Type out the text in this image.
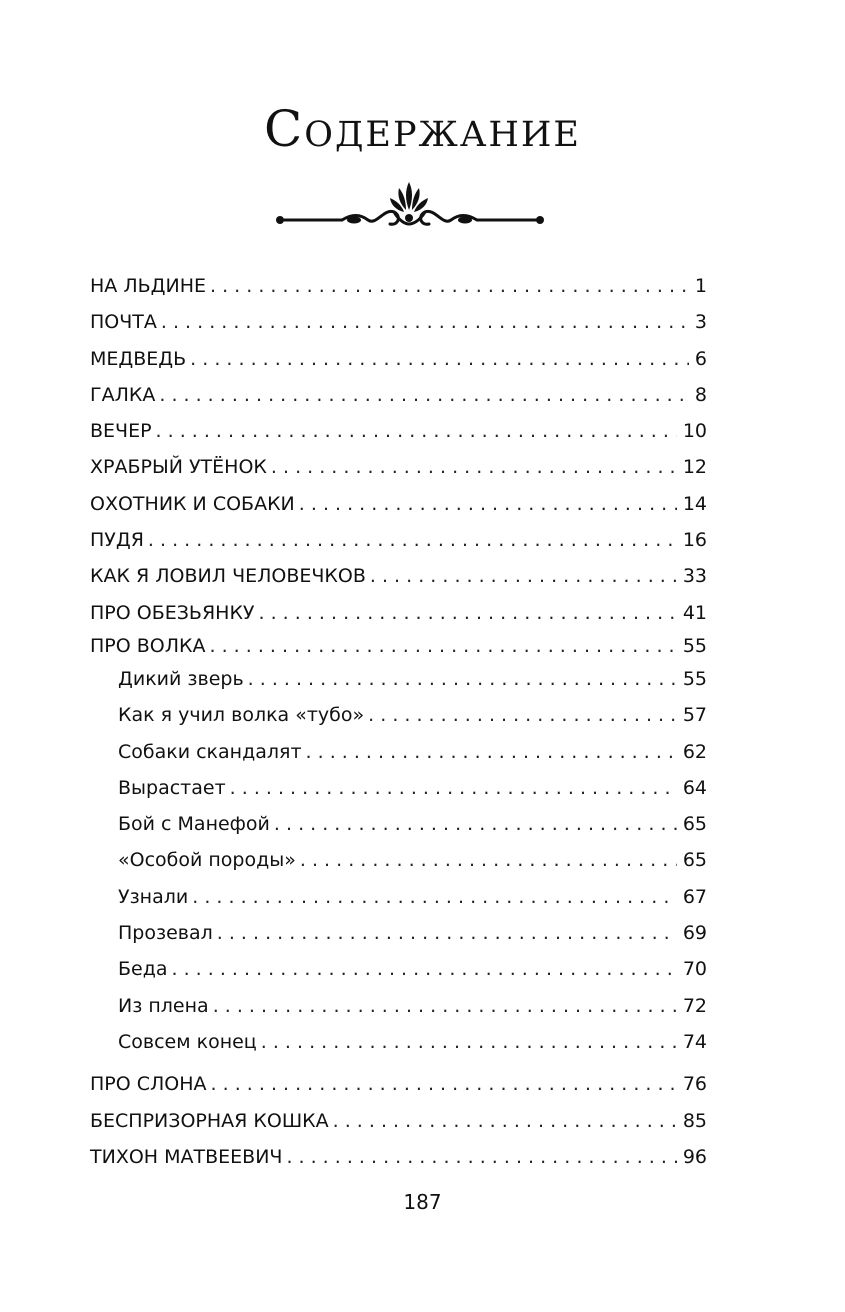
Содержание
НА ЛЬДИНЕ . . .	1
ПОЧТА . . .	3
МЕДВЕДЬ . . .	6
ГАЛКА . . .	8
ВЕЧЕР . . .	10
ХРАБРЫЙ УТЁНОК . . .	12
ОХОТНИК И СОБАКИ . . .	14
ПУДЯ . . .	16
КАК Я ЛОВИЛ ЧЕЛОВЕЧКОВ . . .	33
ПРО ОБЕЗЬЯНКУ . . .	41
ПРО ВОЛКА . . .	55
Дикий зверь . . .	55
Как я учил волка «тубо» . . .	57
Собаки скандалят . . .	62
Вырастает . . .	64
Бой с Манефой . . .	65
«Особой породы» . . .	65
Узнали . . .	67
Прозевал . . .	69
Беда . . .	70
Из плена . . .	72
Совсем конец . . .	74
ПРО СЛОНА . . .	76
БЕСПРИЗОРНАЯ КОШКА . . .	85
ТИХОН МАТВЕЕВИЧ . . .	96
187
